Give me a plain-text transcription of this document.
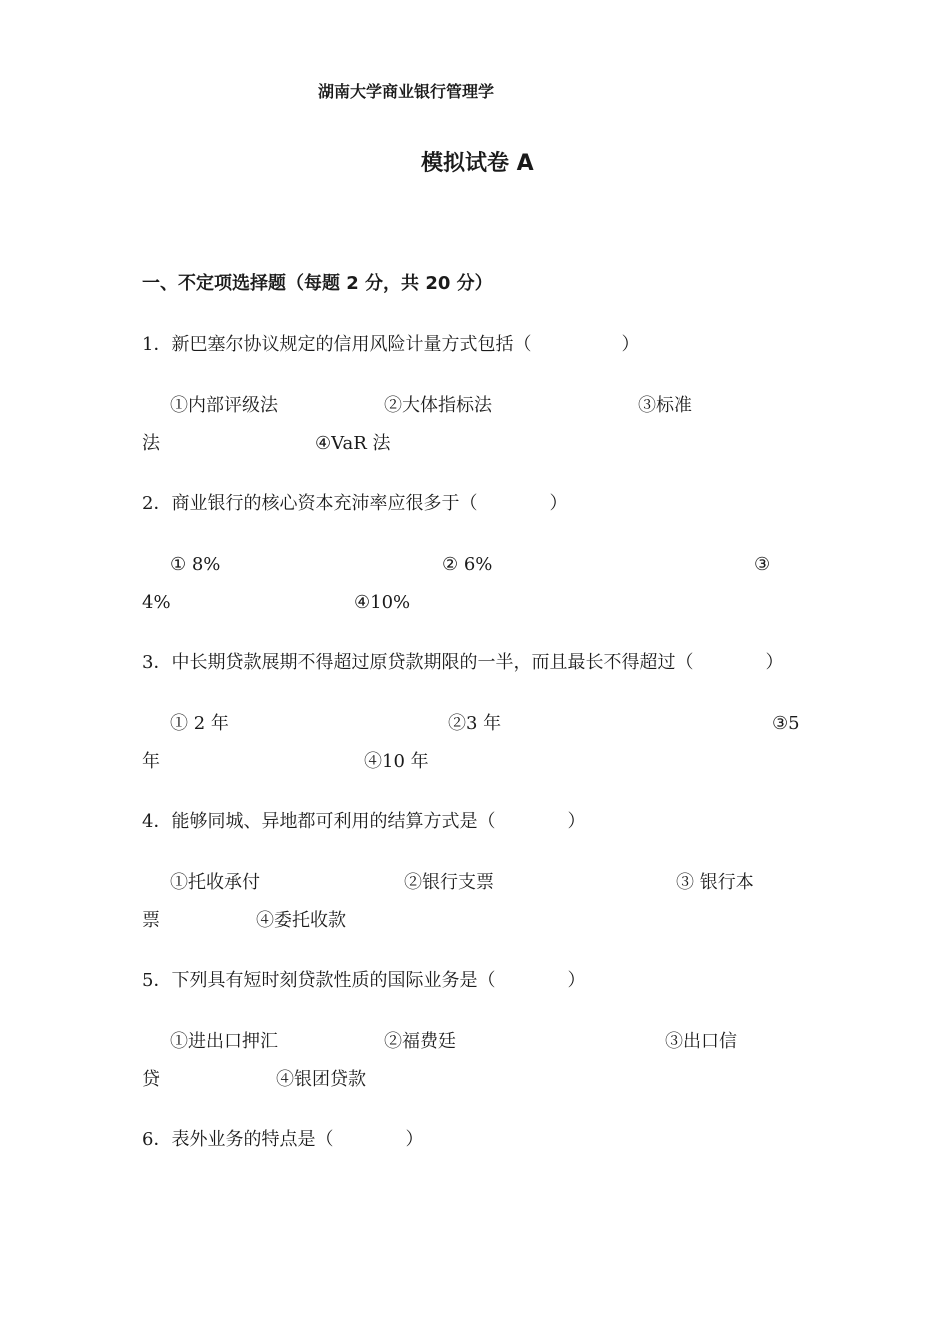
湖南大学商业银行管理学
模拟试卷 A
一、不定项选择题（每题 2 分，共 20 分）
1．新巴塞尔协议规定的信用风险计量方式包括（　　　　　）
①内部评级法	②大体指标法	③标准
法	④VaR 法
2．商业银行的核心资本充沛率应很多于（　　　　）
① 8%	② 6%	③
4%	④10%
3．中长期贷款展期不得超过原贷款期限的一半，而且最长不得超过（　　　　）
① 2 年	②3 年	③5
年	④10 年
4．能够同城、异地都可利用的结算方式是（　　　　）
①托收承付	②银行支票	③ 银行本
票	④委托收款
5．下列具有短时刻贷款性质的国际业务是（　　　　）
①进出口押汇	②福费廷	③出口信
贷	④银团贷款
6．表外业务的特点是（　　　　）
